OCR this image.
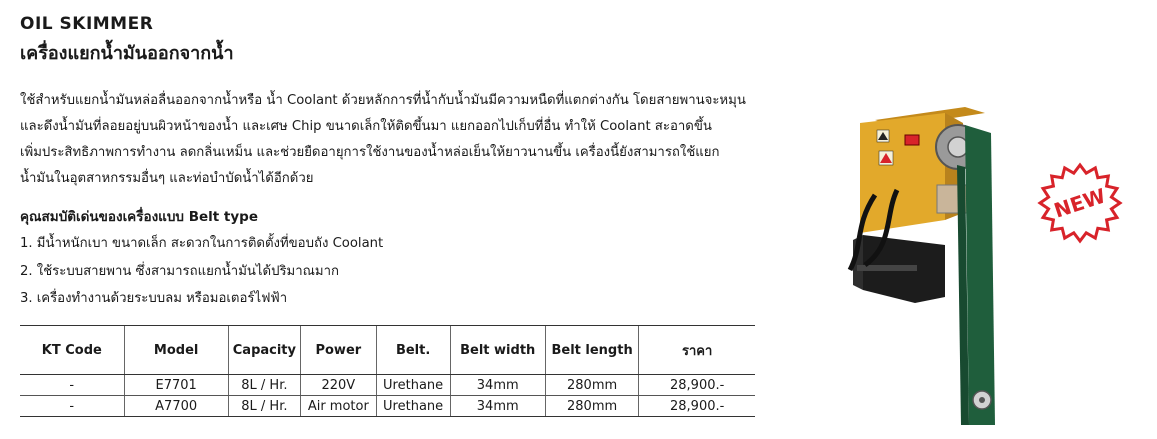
OIL SKIMMER
เครื่องแยกน้ำมันออกจากน้ำ
ใช้สำหรับแยกน้ำมันหล่อลื่นออกจากน้ำหรือ น้ำ Coolant ด้วยหลักการที่น้ำกับน้ำมันมีความหนืดที่แตกต่างกัน โดยสายพานจะหมุน
และดึงน้ำมันที่ลอยอยู่บนผิวหน้าของน้ำ และเศษ Chip ขนาดเล็กให้ติดขึ้นมา แยกออกไปเก็บที่อื่น ทำให้ Coolant สะอาดขึ้น
เพิ่มประสิทธิภาพการทำงาน ลดกลิ่นเหม็น และช่วยยืดอายุการใช้งานของน้ำหล่อเย็นให้ยาวนานขึ้น เครื่องนี้ยังสามารถใช้แยก
น้ำมันในอุตสาหกรรมอื่นๆ และท่อบำบัดน้ำได้อีกด้วย
คุณสมบัติเด่นของเครื่องแบบ Belt type
1. มีน้ำหนักเบา ขนาดเล็ก สะดวกในการติดตั้งที่ขอบถัง Coolant
2. ใช้ระบบสายพาน ซึ่งสามารถแยกน้ำมันได้ปริมาณมาก
3. เครื่องทำงานด้วยระบบลม หรือมอเตอร์ไฟฟ้า
KT Code	Model	Capacity	Power	Belt.	Belt width	Belt length	ราคา
-	E7701	8L / Hr.	220V	Urethane	34mm	280mm	28,900.-
-	A7700	8L / Hr.	Air motor	Urethane	34mm	280mm	28,900.-
NEW
